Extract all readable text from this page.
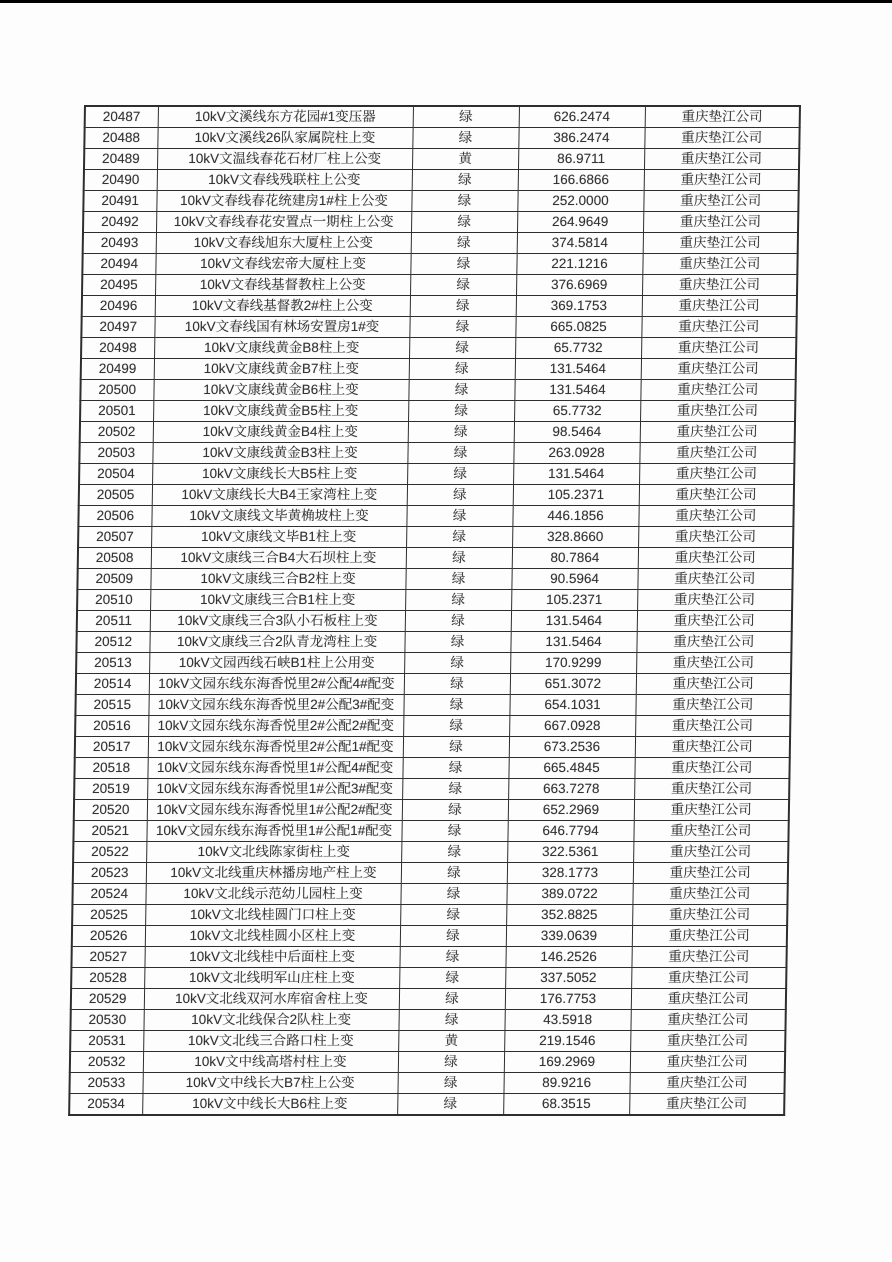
20487	10kV文溪线东方花园#1变压器	绿	626.2474	重庆垫江公司
20488	10kV文溪线26队家属院柱上变	绿	386.2474	重庆垫江公司
20489	10kV文温线春花石材厂柱上公变	黄	86.9711	重庆垫江公司
20490	10kV文春线残联柱上公变	绿	166.6866	重庆垫江公司
20491	10kV文春线春花统建房1#柱上公变	绿	252.0000	重庆垫江公司
20492	10kV文春线春花安置点一期柱上公变	绿	264.9649	重庆垫江公司
20493	10kV文春线旭东大厦柱上公变	绿	374.5814	重庆垫江公司
20494	10kV文春线宏帝大厦柱上变	绿	221.1216	重庆垫江公司
20495	10kV文春线基督教柱上公变	绿	376.6969	重庆垫江公司
20496	10kV文春线基督教2#柱上公变	绿	369.1753	重庆垫江公司
20497	10kV文春线国有林场安置房1#变	绿	665.0825	重庆垫江公司
20498	10kV文康线黄金B8柱上变	绿	65.7732	重庆垫江公司
20499	10kV文康线黄金B7柱上变	绿	131.5464	重庆垫江公司
20500	10kV文康线黄金B6柱上变	绿	131.5464	重庆垫江公司
20501	10kV文康线黄金B5柱上变	绿	65.7732	重庆垫江公司
20502	10kV文康线黄金B4柱上变	绿	98.5464	重庆垫江公司
20503	10kV文康线黄金B3柱上变	绿	263.0928	重庆垫江公司
20504	10kV文康线长大B5柱上变	绿	131.5464	重庆垫江公司
20505	10kV文康线长大B4王家湾柱上变	绿	105.2371	重庆垫江公司
20506	10kV文康线文毕黄桷坡柱上变	绿	446.1856	重庆垫江公司
20507	10kV文康线文毕B1柱上变	绿	328.8660	重庆垫江公司
20508	10kV文康线三合B4大石坝柱上变	绿	80.7864	重庆垫江公司
20509	10kV文康线三合B2柱上变	绿	90.5964	重庆垫江公司
20510	10kV文康线三合B1柱上变	绿	105.2371	重庆垫江公司
20511	10kV文康线三合3队小石板柱上变	绿	131.5464	重庆垫江公司
20512	10kV文康线三合2队青龙湾柱上变	绿	131.5464	重庆垫江公司
20513	10kV文园西线石峡B1柱上公用变	绿	170.9299	重庆垫江公司
20514	10kV文园东线东海香悦里2#公配4#配变	绿	651.3072	重庆垫江公司
20515	10kV文园东线东海香悦里2#公配3#配变	绿	654.1031	重庆垫江公司
20516	10kV文园东线东海香悦里2#公配2#配变	绿	667.0928	重庆垫江公司
20517	10kV文园东线东海香悦里2#公配1#配变	绿	673.2536	重庆垫江公司
20518	10kV文园东线东海香悦里1#公配4#配变	绿	665.4845	重庆垫江公司
20519	10kV文园东线东海香悦里1#公配3#配变	绿	663.7278	重庆垫江公司
20520	10kV文园东线东海香悦里1#公配2#配变	绿	652.2969	重庆垫江公司
20521	10kV文园东线东海香悦里1#公配1#配变	绿	646.7794	重庆垫江公司
20522	10kV文北线陈家街柱上变	绿	322.5361	重庆垫江公司
20523	10kV文北线重庆林播房地产柱上变	绿	328.1773	重庆垫江公司
20524	10kV文北线示范幼儿园柱上变	绿	389.0722	重庆垫江公司
20525	10kV文北线桂圆门口柱上变	绿	352.8825	重庆垫江公司
20526	10kV文北线桂圆小区柱上变	绿	339.0639	重庆垫江公司
20527	10kV文北线桂中后面柱上变	绿	146.2526	重庆垫江公司
20528	10kV文北线明军山庄柱上变	绿	337.5052	重庆垫江公司
20529	10kV文北线双河水库宿舍柱上变	绿	176.7753	重庆垫江公司
20530	10kV文北线保合2队柱上变	绿	43.5918	重庆垫江公司
20531	10kV文北线三合路口柱上变	黄	219.1546	重庆垫江公司
20532	10kV文中线高塔村柱上变	绿	169.2969	重庆垫江公司
20533	10kV文中线长大B7柱上公变	绿	89.9216	重庆垫江公司
20534	10kV文中线长大B6柱上变	绿	68.3515	重庆垫江公司
